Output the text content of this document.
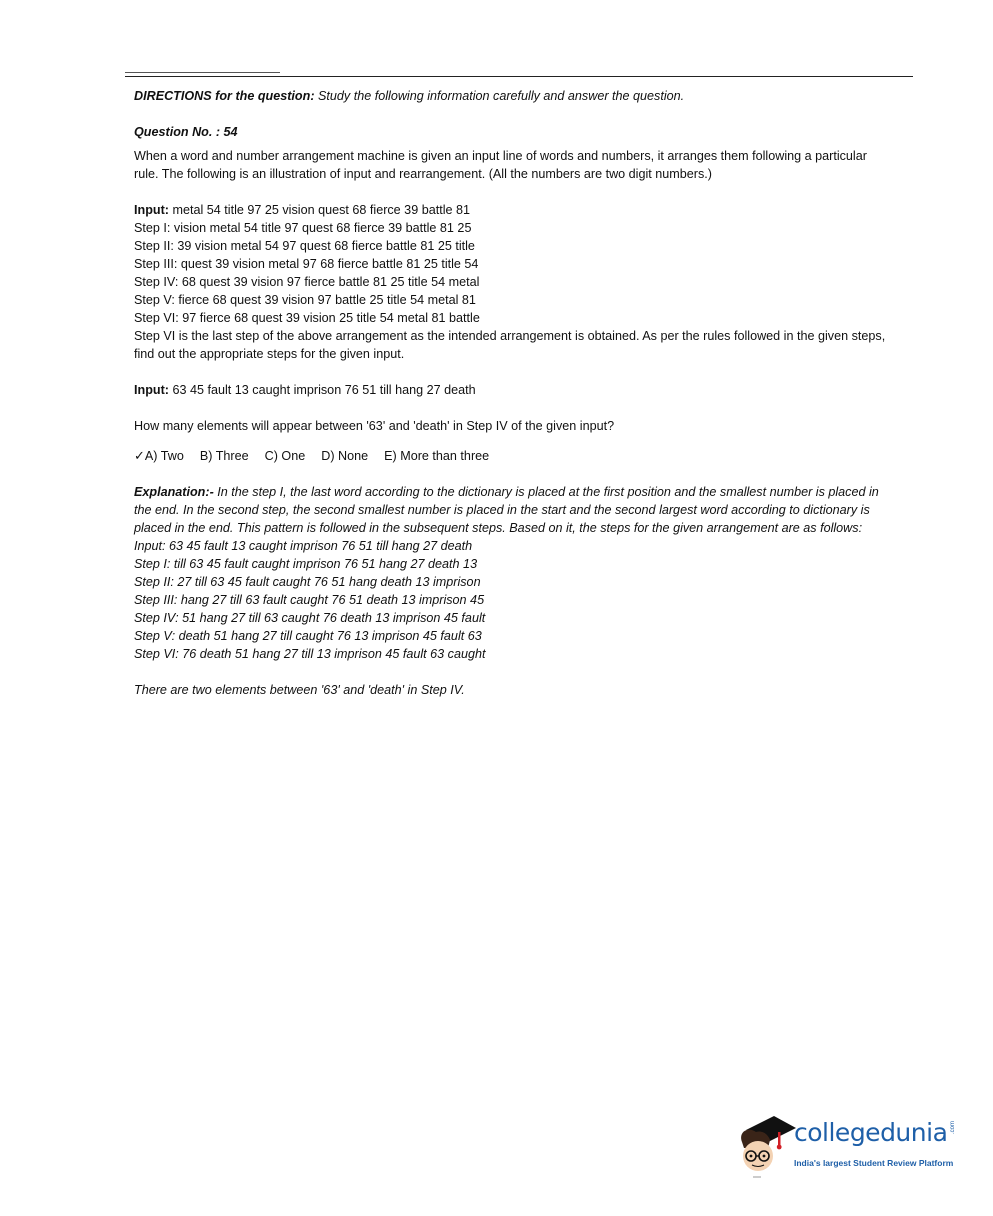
DIRECTIONS for the question: Study the following information carefully and answer the question.
Question No. : 54
When a word and number arrangement machine is given an input line of words and numbers, it arranges them following a particular rule. The following is an illustration of input and rearrangement. (All the numbers are two digit numbers.)
Input: metal 54 title 97 25 vision quest 68 fierce 39 battle 81
Step I: vision metal 54 title 97 quest 68 fierce 39 battle 81 25
Step II: 39 vision metal 54 97 quest 68 fierce battle 81 25 title
Step III: quest 39 vision metal 97 68 fierce battle 81 25 title 54
Step IV: 68 quest 39 vision 97 fierce battle 81 25 title 54 metal
Step V: fierce 68 quest 39 vision 97 battle 25 title 54 metal 81
Step VI: 97 fierce 68 quest 39 vision 25 title 54 metal 81 battle
Step VI is the last step of the above arrangement as the intended arrangement is obtained. As per the rules followed in the given steps, find out the appropriate steps for the given input.
Input: 63 45 fault 13 caught imprison 76 51 till hang 27 death
How many elements will appear between '63' and 'death' in Step IV of the given input?
✓ A) Two B) Three C) One D) None E) More than three
Explanation:- In the step I, the last word according to the dictionary is placed at the first position and the smallest number is placed in the end. In the second step, the second smallest number is placed in the start and the second largest word according to dictionary is placed in the end. This pattern is followed in the subsequent steps. Based on it, the steps for the given arrangement are as follows:
Input: 63 45 fault 13 caught imprison 76 51 till hang 27 death
Step I: till 63 45 fault caught imprison 76 51 hang 27 death 13
Step II: 27 till 63 45 fault caught 76 51 hang death 13 imprison
Step III: hang 27 till 63 fault caught 76 51 death 13 imprison 45
Step IV: 51 hang 27 till 63 caught 76 death 13 imprison 45 fault
Step V: death 51 hang 27 till caught 76 13 imprison 45 fault 63
Step VI: 76 death 51 hang 27 till 13 imprison 45 fault 63 caught
There are two elements between '63' and 'death' in Step IV.
collegedunia .com
India's largest Student Review Platform
